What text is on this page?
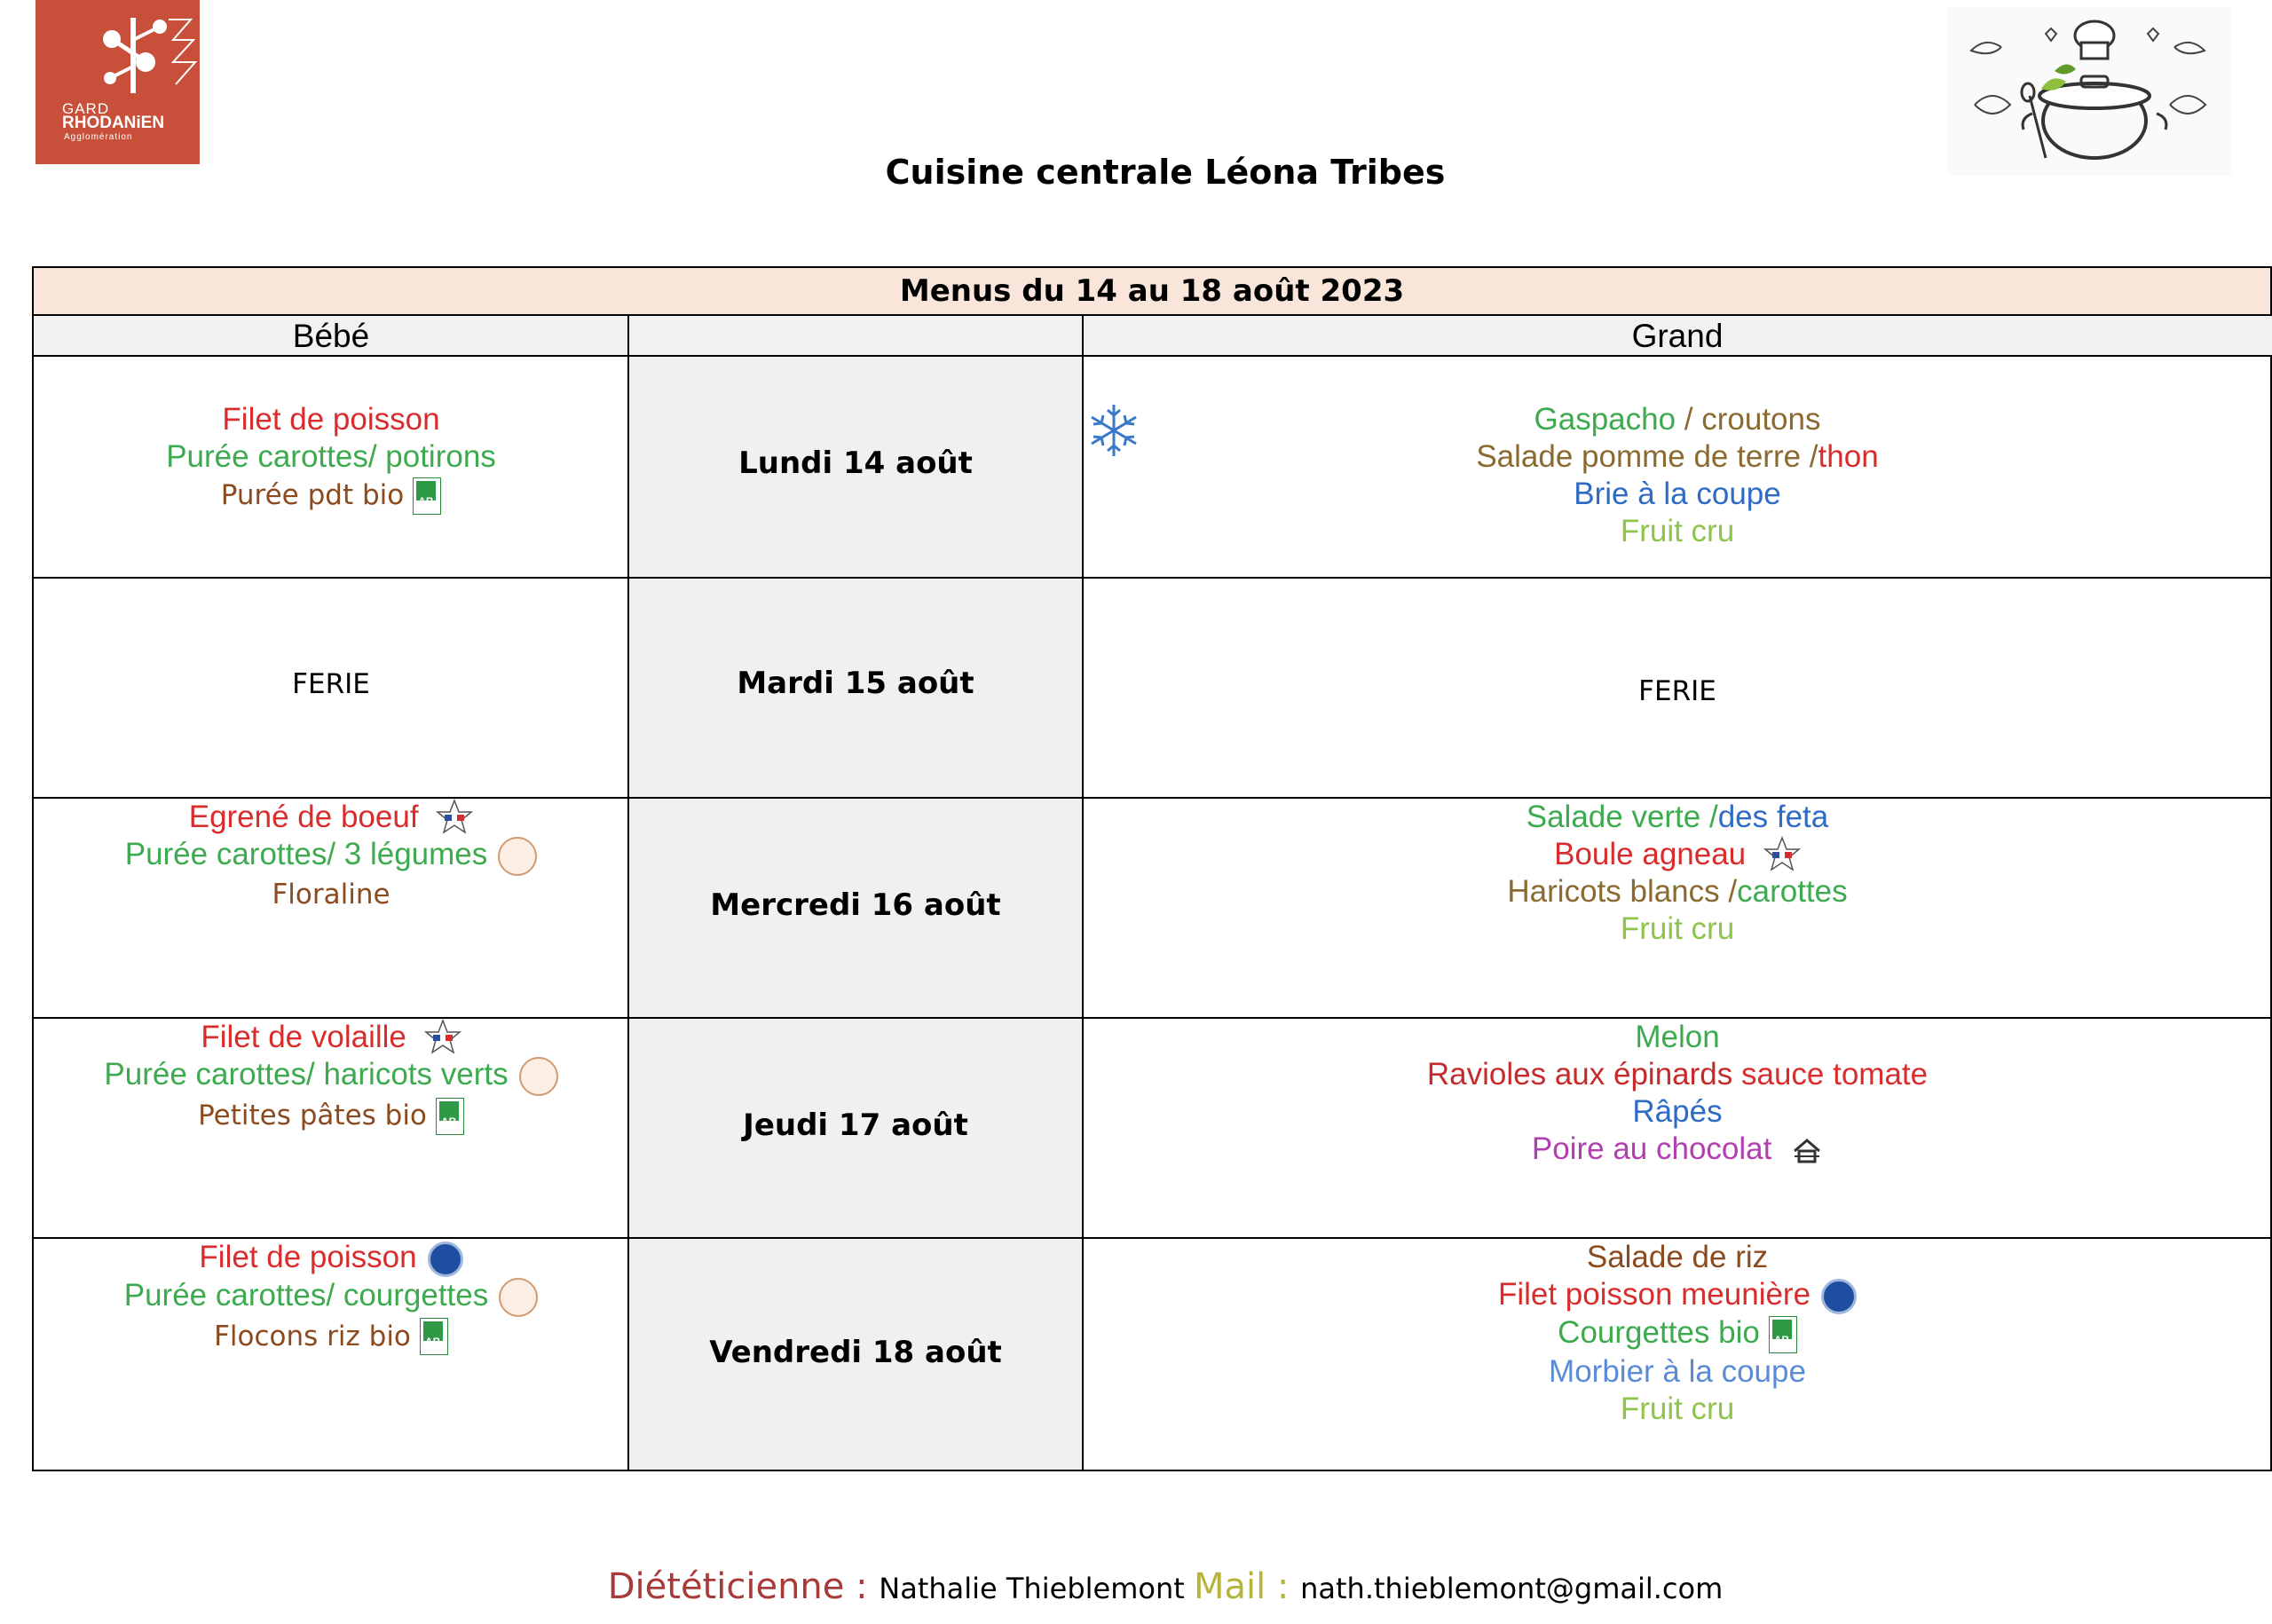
GARD
RHODANiEN
Agglomération
Cuisine centrale Léona Tribes
Menus du 14 au 18 août 2023
Bébé	Grand
Lundi 14 août
Mardi 15 août
Mercredi 16 août
Jeudi 17 août
Vendredi 18 août
Filet de poisson
Purée carottes/ potirons
Purée pdt bioAB
Gaspacho / croutons
Salade pomme de terre /thon
Brie à la coupe
Fruit cru
FERIE	FERIE
Egrené de boeuf
Purée carottes/ 3 légumes
Floraline
Salade verte /des feta
Boule agneau
Haricots blancs /carottes
Fruit cru
Filet de volaille
Purée carottes/ haricots verts
Petites pâtes bioAB
Melon
Ravioles aux épinards sauce tomate
Râpés
Poire au chocolat
Filet de poisson
Purée carottes/ courgettes
Flocons riz bioAB
Salade de riz
Filet poisson meunière
Courgettes bioAB
Morbier à la coupe
Fruit cru
Diététicienne : Nathalie Thieblemont Mail : nath.thieblemont@gmail.com
